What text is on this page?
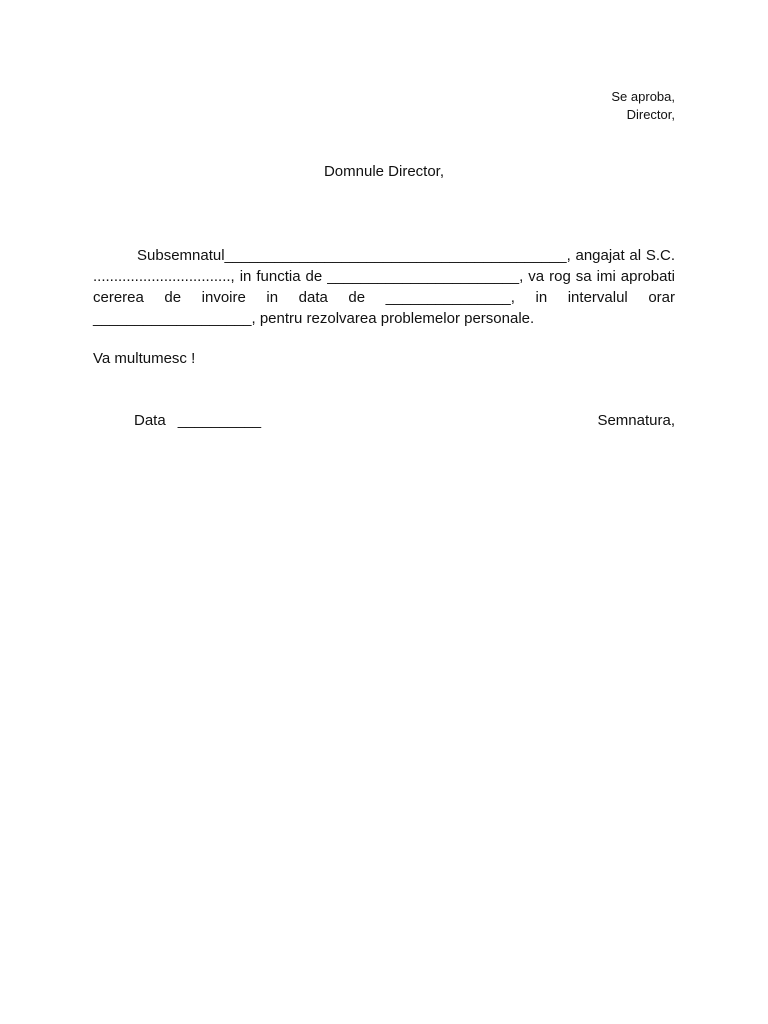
Se aproba,
Director,
Domnule Director,
Subsemnatul_________________________________________, angajat al S.C. ................................., in functia de _______________________, va rog sa imi aprobati cererea de invoire in data de _______________, in intervalul orar ___________________, pentru rezolvarea problemelor personale.
Va multumesc !
Data __________	Semnatura,
